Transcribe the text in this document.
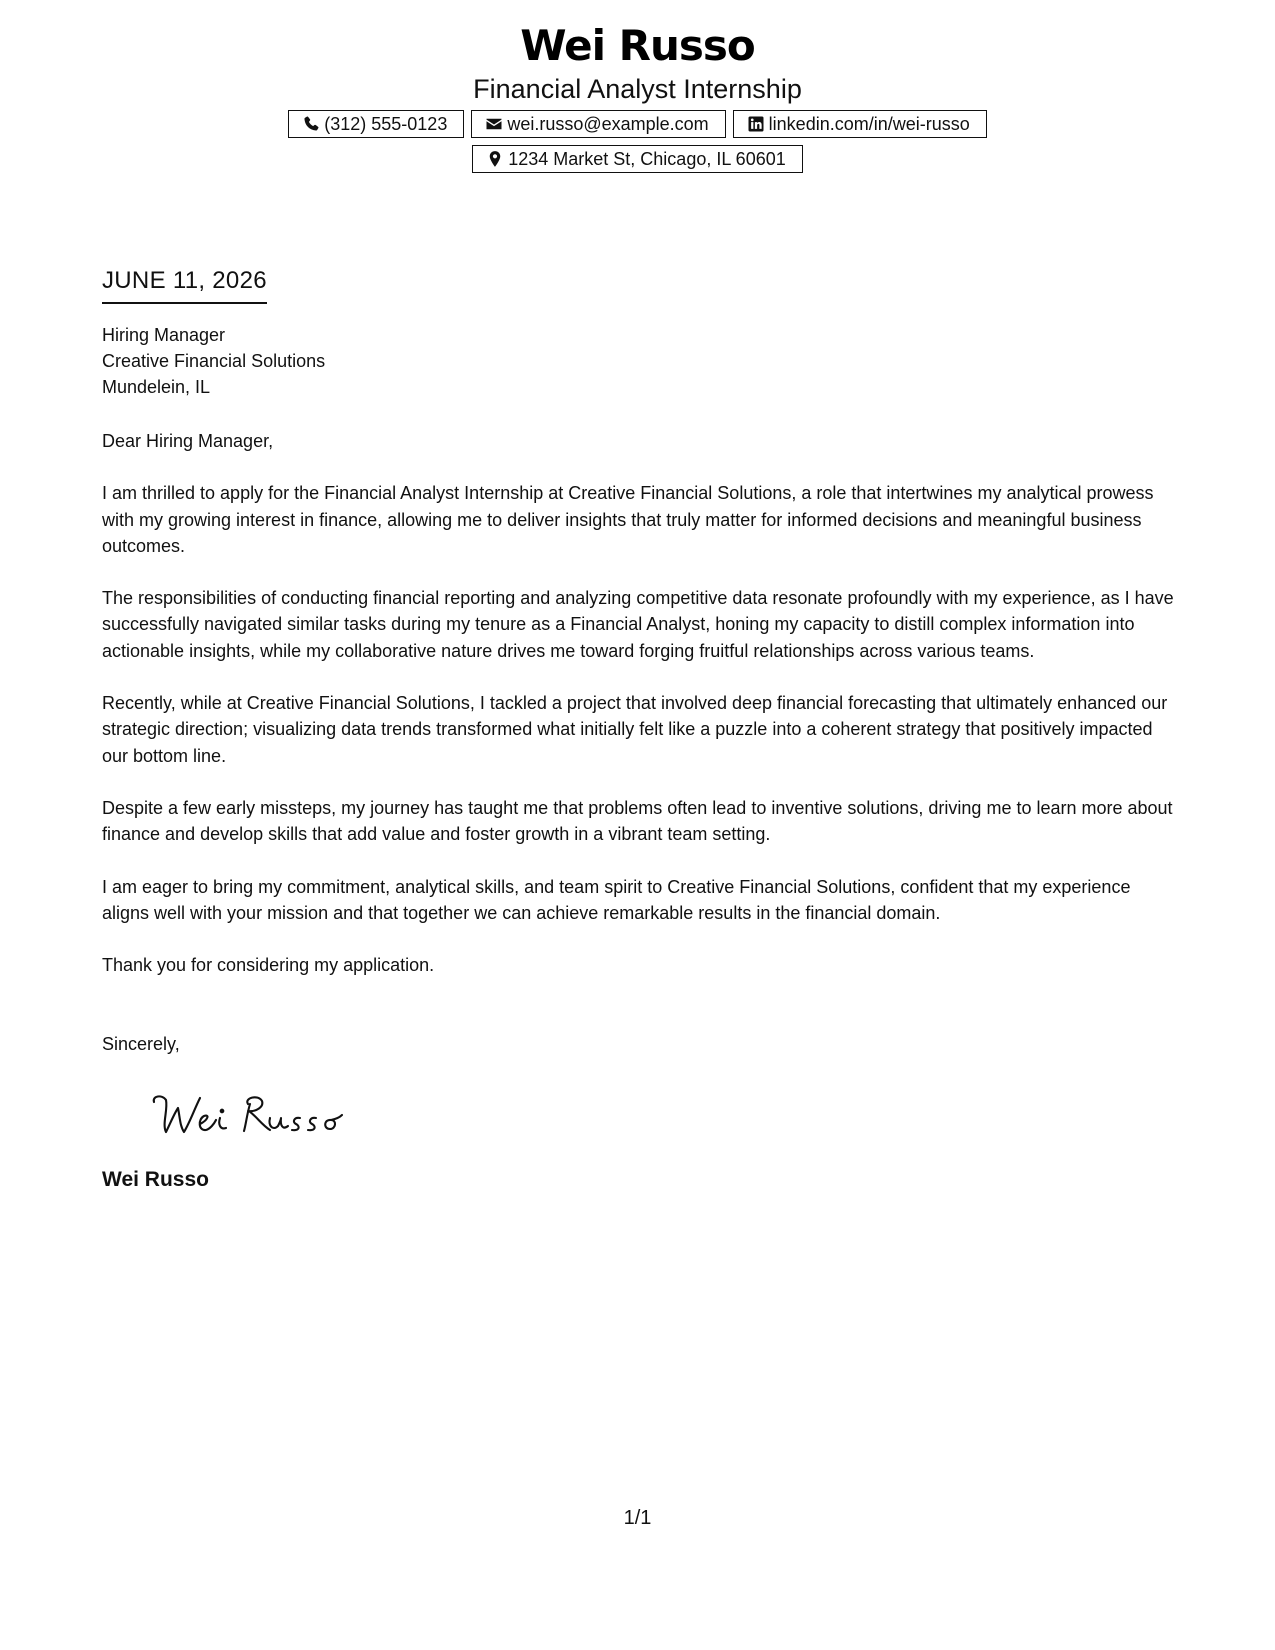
Wei Russo
Financial Analyst Internship
(312) 555-0123	wei.russo@example.com	linkedin.com/in/wei-russo
1234 Market St, Chicago, IL 60601
JUNE 11, 2026
Hiring Manager
Creative Financial Solutions
Mundelein, IL
Dear Hiring Manager,
I am thrilled to apply for the Financial Analyst Internship at Creative Financial Solutions, a role that intertwines my analytical prowess with my growing interest in finance, allowing me to deliver insights that truly matter for informed decisions and meaningful business outcomes.
The responsibilities of conducting financial reporting and analyzing competitive data resonate profoundly with my experience, as I have successfully navigated similar tasks during my tenure as a Financial Analyst, honing my capacity to distill complex information into actionable insights, while my collaborative nature drives me toward forging fruitful relationships across various teams.
Recently, while at Creative Financial Solutions, I tackled a project that involved deep financial forecasting that ultimately enhanced our strategic direction; visualizing data trends transformed what initially felt like a puzzle into a coherent strategy that positively impacted our bottom line.
Despite a few early missteps, my journey has taught me that problems often lead to inventive solutions, driving me to learn more about finance and develop skills that add value and foster growth in a vibrant team setting.
I am eager to bring my commitment, analytical skills, and team spirit to Creative Financial Solutions, confident that my experience aligns well with your mission and that together we can achieve remarkable results in the financial domain.
Thank you for considering my application.
Sincerely,
Wei Russo
1/1
